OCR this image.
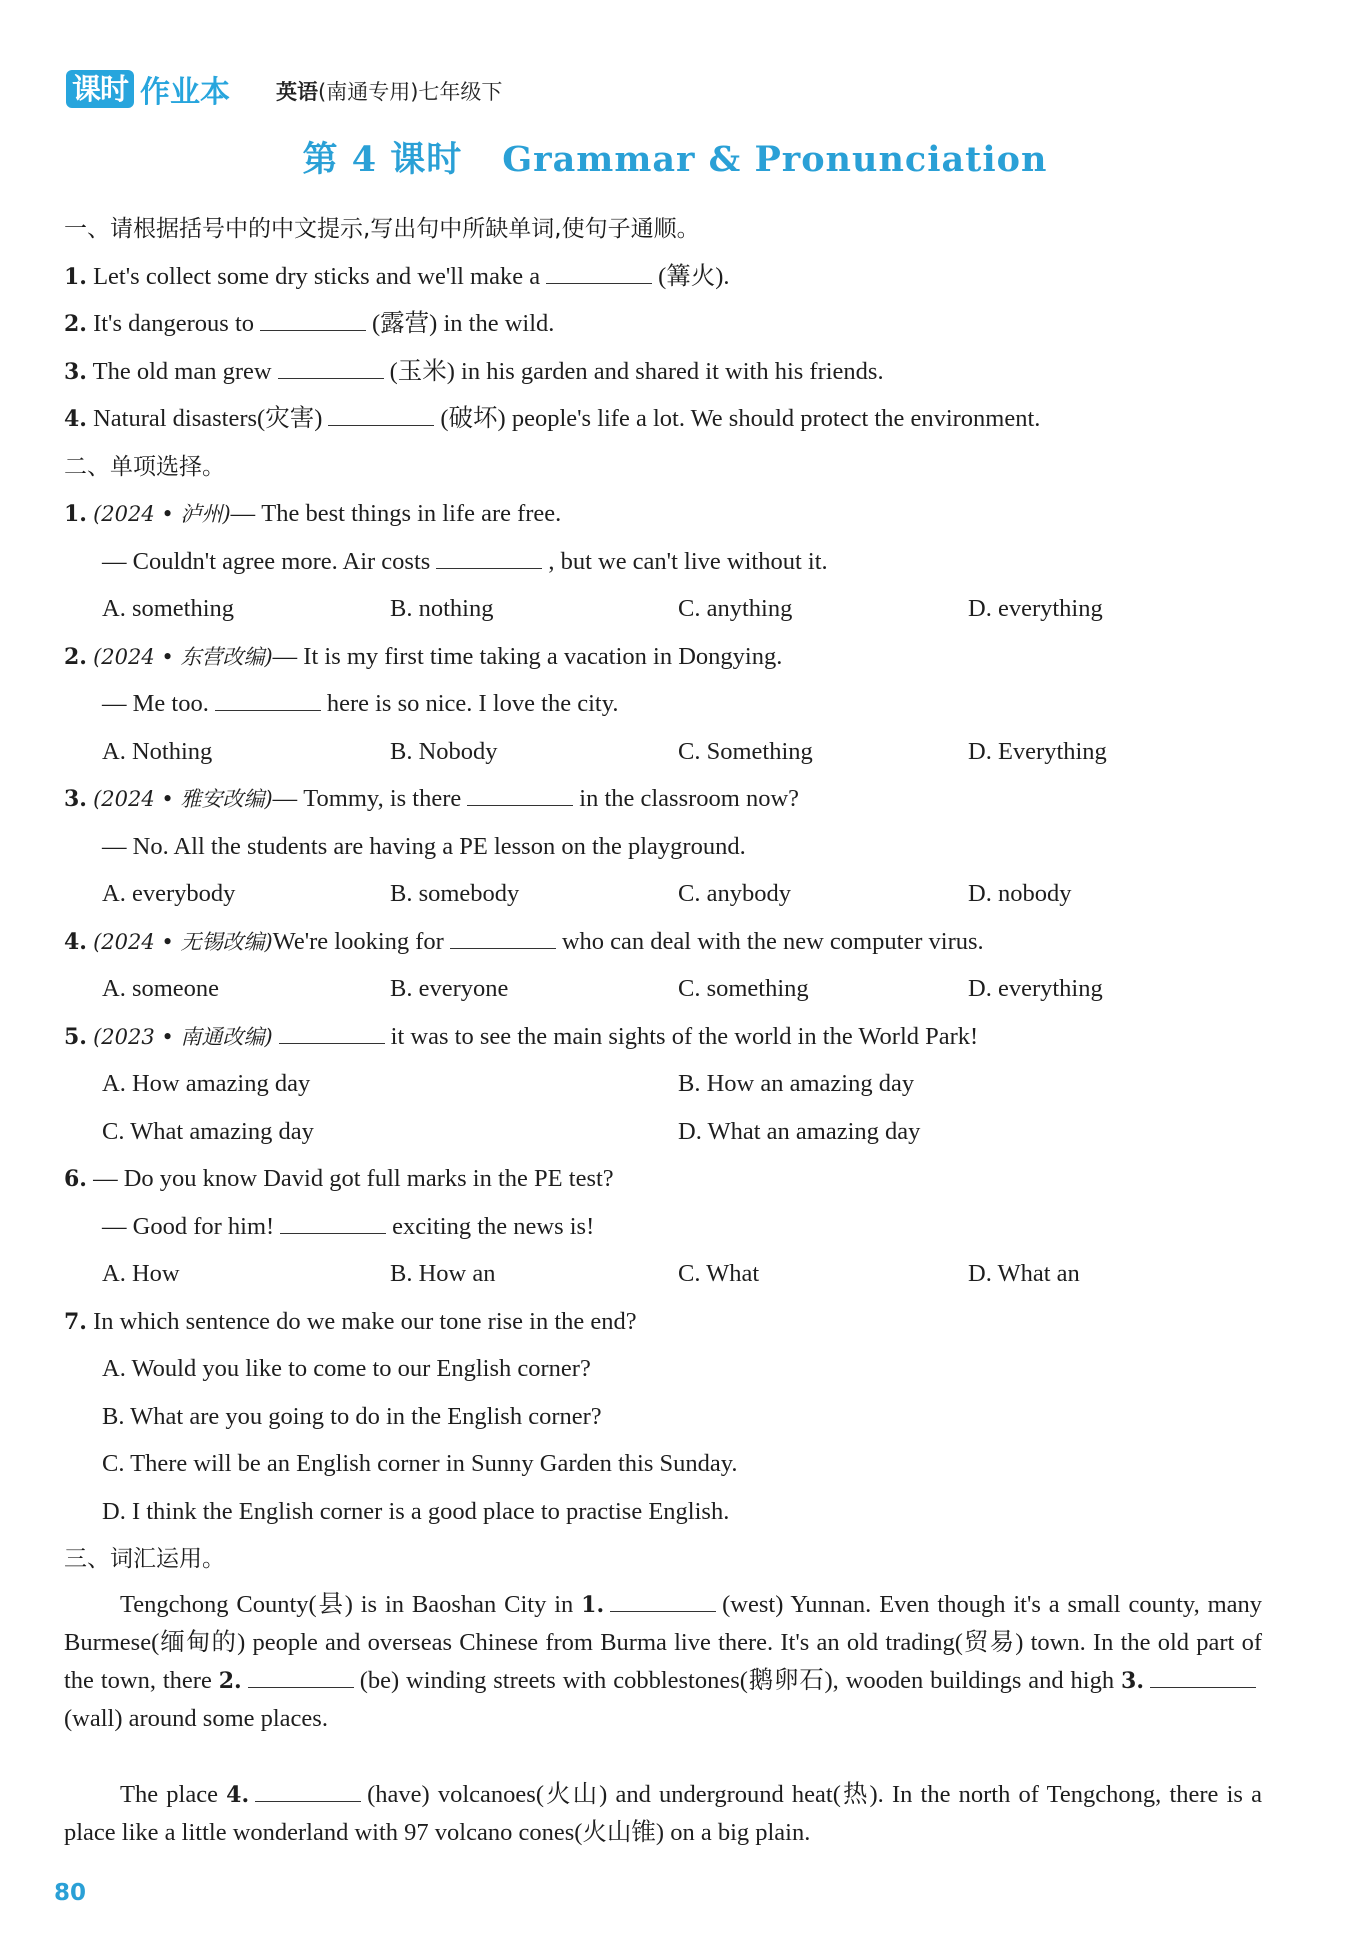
课时 作业本 英语(南通专用)七年级下
第 4 课时 Grammar & Pronunciation
一、请根据括号中的中文提示,写出句中所缺单词,使句子通顺。
1. Let's collect some dry sticks and we'll make a	(篝火).
2. It's dangerous to	(露营) in the wild.
3. The old man grew	(玉米) in his garden and shared it with his friends.
4. Natural disasters(灾害)	(破坏) people's life a lot. We should protect the environment.
二、单项选择。
1. (2024 • 泸州)— The best things in life are free.
— Couldn't agree more. Air costs	, but we can't live without it.
A. something	B. nothing	C. anything	D. everything
2. (2024 • 东营改编)— It is my first time taking a vacation in Dongying.
— Me too.	here is so nice. I love the city.
A. Nothing	B. Nobody	C. Something	D. Everything
3. (2024 • 雅安改编)— Tommy, is there	in the classroom now?
— No. All the students are having a PE lesson on the playground.
A. everybody	B. somebody	C. anybody	D. nobody
4. (2024 • 无锡改编)We're looking for	who can deal with the new computer virus.
A. someone	B. everyone	C. something	D. everything
5. (2023 • 南通改编)	it was to see the main sights of the world in the World Park!
A. How amazing day	B. How an amazing day
C. What amazing day	D. What an amazing day
6. — Do you know David got full marks in the PE test?
— Good for him!	exciting the news is!
A. How	B. How an	C. What	D. What an
7. In which sentence do we make our tone rise in the end?
A. Would you like to come to our English corner?
B. What are you going to do in the English corner?
C. There will be an English corner in Sunny Garden this Sunday.
D. I think the English corner is a good place to practise English.
三、词汇运用。
Tengchong County(县) is in Baoshan City in 1.	(west) Yunnan. Even though it's a small county, many Burmese(缅甸的) people and overseas Chinese from Burma live there. It's an old trading(贸易) town. In the old part of the town, there 2.	(be) winding streets with cobblestones(鹅卵石), wooden buildings and high 3.(wall) around some places.
The place 4.	(have) volcanoes(火山) and underground heat(热). In the north of Tengchong, there is a place like a little wonderland with 97 volcano cones(火山锥) on a big plain.
80
